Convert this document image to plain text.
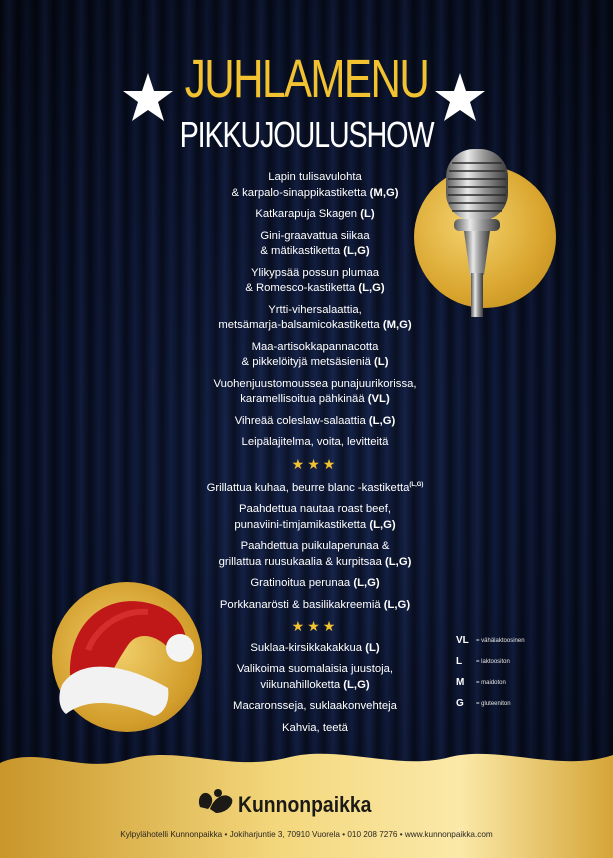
JUHLAMENU
PIKKUJOULUSHOW
Lapin tulisavulohta
& karpalo-sinappikastiketta (M,G)
Katkarapuja Skagen (L)
Gini-graavattua siikaa
& mätikastiketta (L,G)
Ylikypsää possun plumaa
& Romesco-kastiketta (L,G)
Yrtti-vihersalaattia,
metsämarja-balsamicokastiketta (M,G)
Maa-artisokkapannacotta
& pikkelöityjä metsäsieniä (L)
Vuohenjuustomoussea punajuurikorissa,
karamellisoitua pähkinää (VL)
Vihreää coleslaw-salaattia (L,G)
Leipälajitelma, voita, levitteitä
★★★
Grillattua kuhaa, beurre blanc -kastiketta$^{(L,G)}$
Paahdettua nautaa roast beef,
punaviini-timjamikastiketta (L,G)
Paahdettua puikulaperunaa &
grillattua ruusukaalia & kurpitsaa (L,G)
Gratinoitua perunaa (L,G)
Porkkanarösti & basilikakreemiä (L,G)
★★★
Suklaa-kirsikkakakkua (L)
Valikoima suomalaisia juustoja,
viikunahilloketta (L,G)
Macaronsseja, suklaakonvehteja
Kahvia, teetä
VL	= vähälaktoosinen
L	= laktoositon
M	= maidoton
G	= gluteeniton
Kunnonpaikka
Kylpylähotelli Kunnonpaikka • Jokiharjuntie 3, 70910 Vuorela • 010 208 7276 • www.kunnonpaikka.com
